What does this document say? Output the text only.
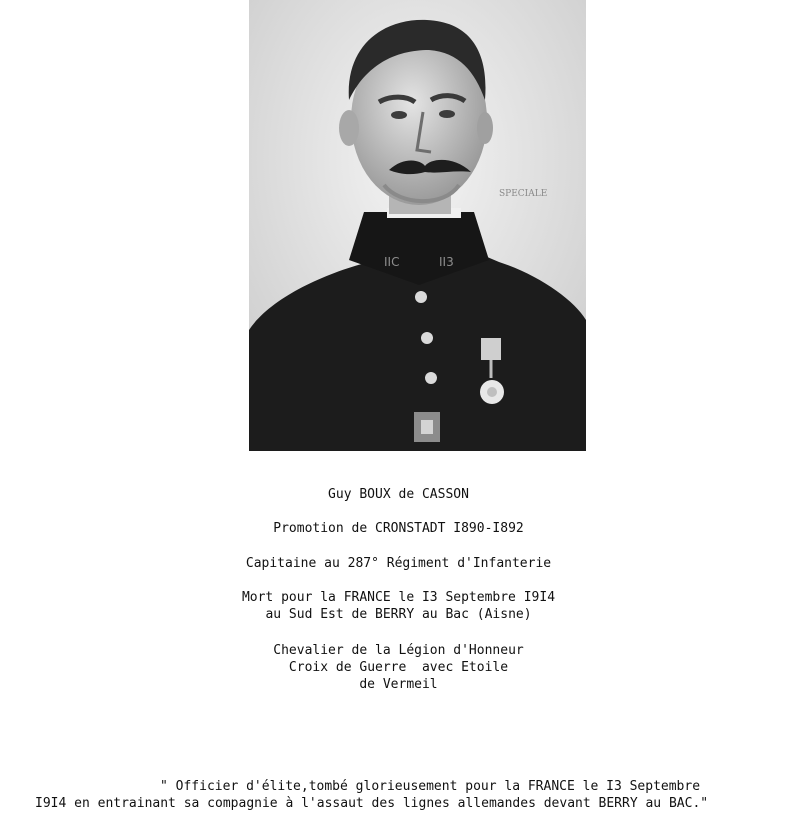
SPECIALE
IIC	II3
Guy BOUX de CASSON
Promotion de CRONSTADT I890-I892
Capitaine au 287° Régiment d'Infanterie
Mort pour la FRANCE le I3 Septembre I9I4
au Sud Est de BERRY au Bac (Aisne)
Chevalier de la Légion d'Honneur
Croix de Guerre  avec Etoile
de Vermeil
" Officier d'élite,tombé glorieusement pour la FRANCE le I3 Septembre
I9I4 en entrainant sa compagnie à l'assaut des lignes allemandes devant BERRY au BAC."
